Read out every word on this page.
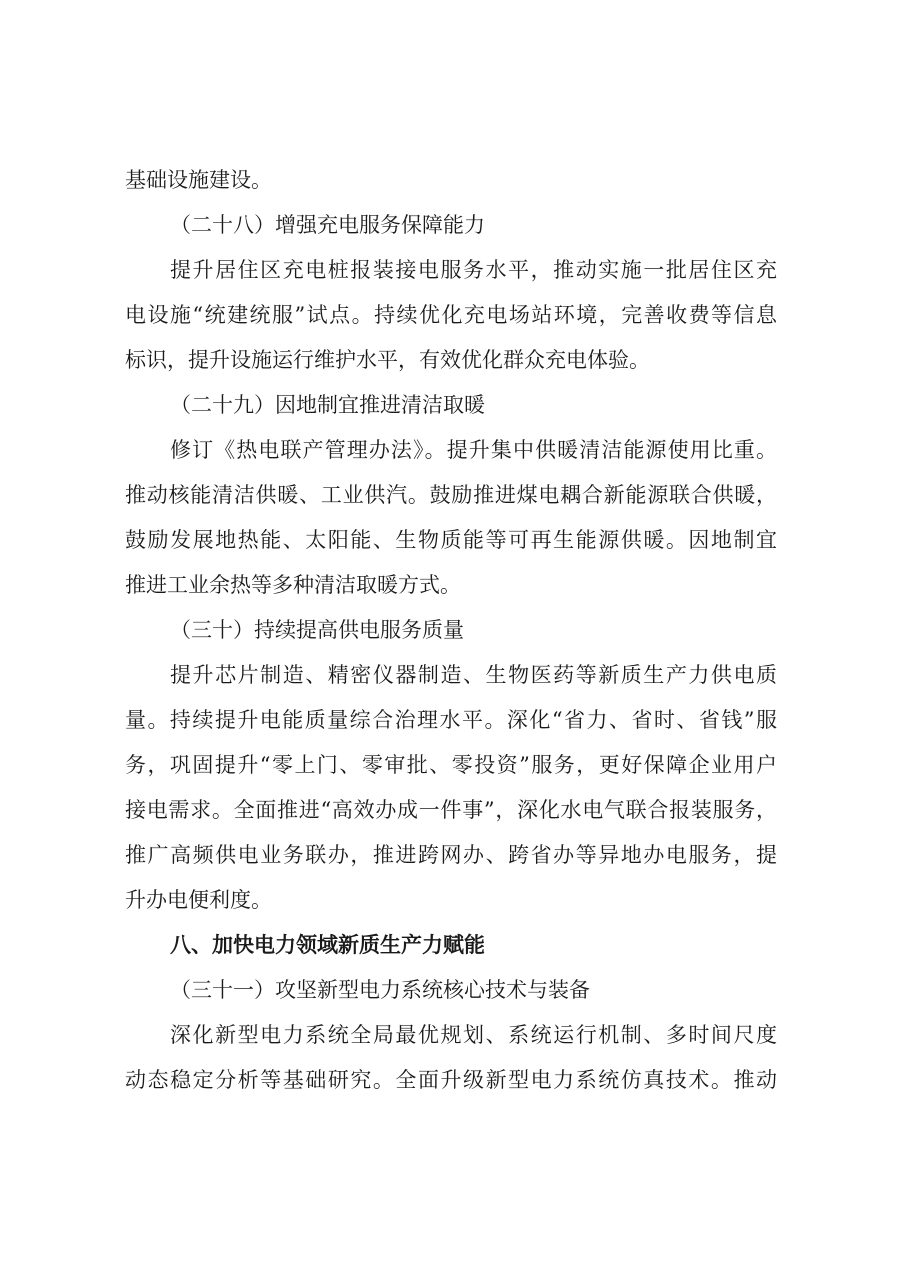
基础设施建设。
（二十八）增强充电服务保障能力
提升居住区充电桩报装接电服务水平，推动实施一批居住区充
电设施“统建统服”试点。持续优化充电场站环境，完善收费等信息
标识，提升设施运行维护水平，有效优化群众充电体验。
（二十九）因地制宜推进清洁取暖
修订《热电联产管理办法》。提升集中供暖清洁能源使用比重。
推动核能清洁供暖、工业供汽。鼓励推进煤电耦合新能源联合供暖，
鼓励发展地热能、太阳能、生物质能等可再生能源供暖。因地制宜
推进工业余热等多种清洁取暖方式。
（三十）持续提高供电服务质量
提升芯片制造、精密仪器制造、生物医药等新质生产力供电质
量。持续提升电能质量综合治理水平。深化“省力、省时、省钱”服
务，巩固提升“零上门、零审批、零投资”服务，更好保障企业用户
接电需求。全面推进“高效办成一件事”，深化水电气联合报装服务，
推广高频供电业务联办，推进跨网办、跨省办等异地办电服务，提
升办电便利度。
八、加快电力领域新质生产力赋能
（三十一）攻坚新型电力系统核心技术与装备
深化新型电力系统全局最优规划、系统运行机制、多时间尺度
动态稳定分析等基础研究。全面升级新型电力系统仿真技术。推动
